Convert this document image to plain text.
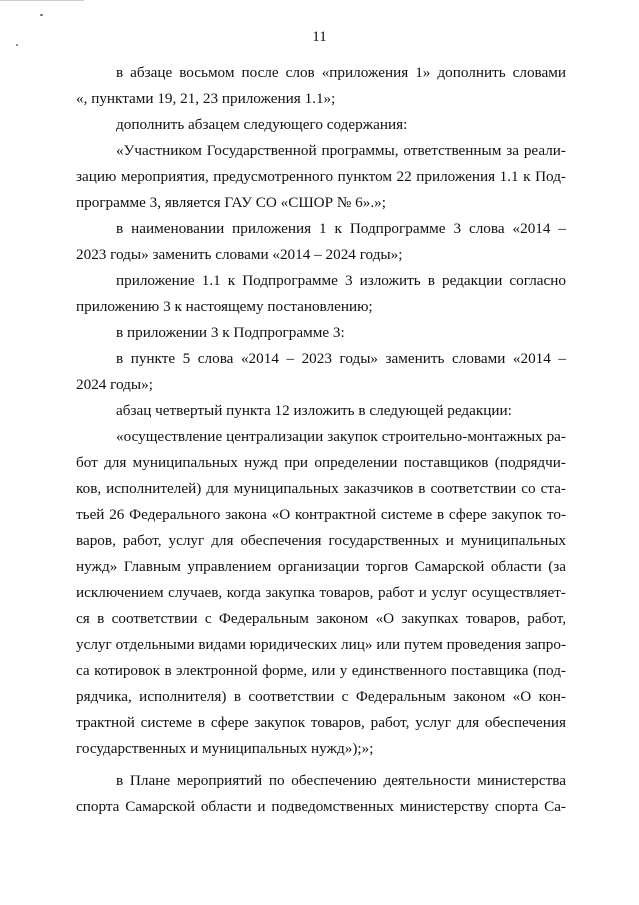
11
в абзаце восьмом после слов «приложения 1» дополнить словами
«, пунктами 19, 21, 23 приложения 1.1»;
дополнить абзацем следующего содержания:
«Участником Государственной программы, ответственным за реали-
зацию мероприятия, предусмотренного пунктом 22 приложения 1.1 к Под-
программе 3, является ГАУ СО «СШОР № 6».»;
в наименовании приложения 1 к Подпрограмме 3 слова «2014 –
2023 годы» заменить словами «2014 – 2024 годы»;
приложение 1.1 к Подпрограмме 3 изложить в редакции согласно
приложению 3 к настоящему постановлению;
в приложении 3 к Подпрограмме 3:
в пункте 5 слова «2014 – 2023 годы» заменить словами «2014 –
2024 годы»;
абзац четвертый пункта 12 изложить в следующей редакции:
«осуществление централизации закупок строительно-монтажных ра-
бот для муниципальных нужд при определении поставщиков (подрядчи-
ков, исполнителей) для муниципальных заказчиков в соответствии со ста-
тьей 26 Федерального закона «О контрактной системе в сфере закупок то-
варов, работ, услуг для обеспечения государственных и муниципальных
нужд» Главным управлением организации торгов Самарской области (за
исключением случаев, когда закупка товаров, работ и услуг осуществляет-
ся в соответствии с Федеральным законом «О закупках товаров, работ,
услуг отдельными видами юридических лиц» или путем проведения запро-
са котировок в электронной форме, или у единственного поставщика (под-
рядчика, исполнителя) в соответствии с Федеральным законом «О кон-
трактной системе в сфере закупок товаров, работ, услуг для обеспечения
государственных и муниципальных нужд»);»;
в Плане мероприятий по обеспечению деятельности министерства
спорта Самарской области и подведомственных министерству спорта Са-
